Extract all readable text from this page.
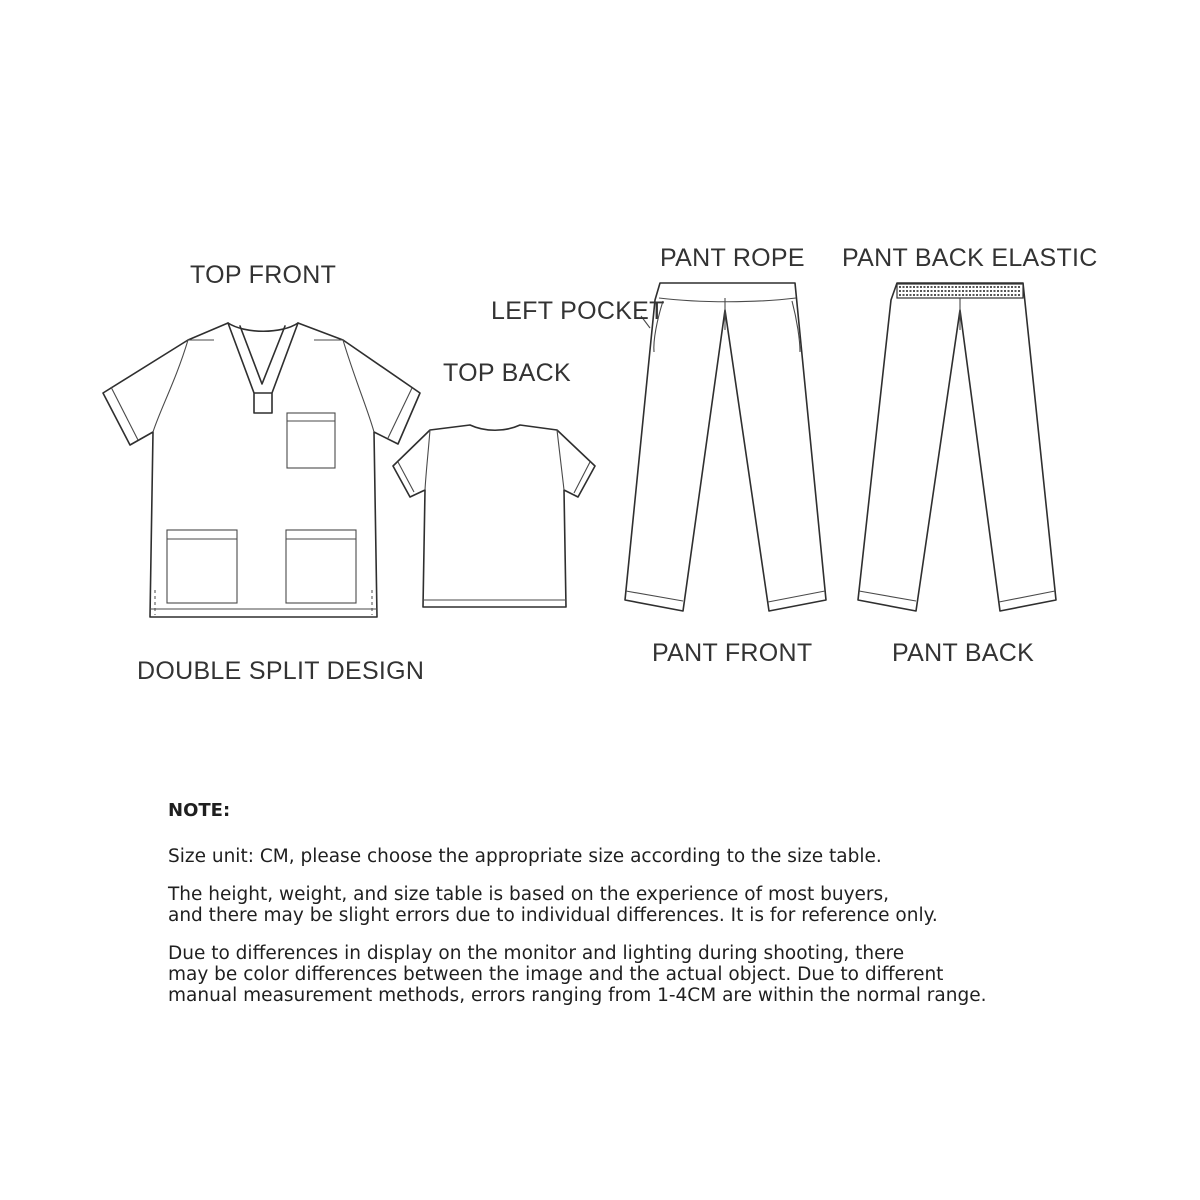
TOP FRONT
TOP BACK
DOUBLE SPLIT DESIGN
PANT ROPE
LEFT POCKET
PANT BACK ELASTIC
PANT FRONT	PANT BACK
NOTE:

Size unit: CM, please choose the appropriate size according to the size table.

The height, weight, and size table is based on the experience of most buyers,
and there may be slight errors due to individual differences. It is for reference only.

Due to differences in display on the monitor and lighting during shooting, there
may be color differences between the image and the actual object. Due to different
manual measurement methods, errors ranging from 1-4CM are within the normal range.
